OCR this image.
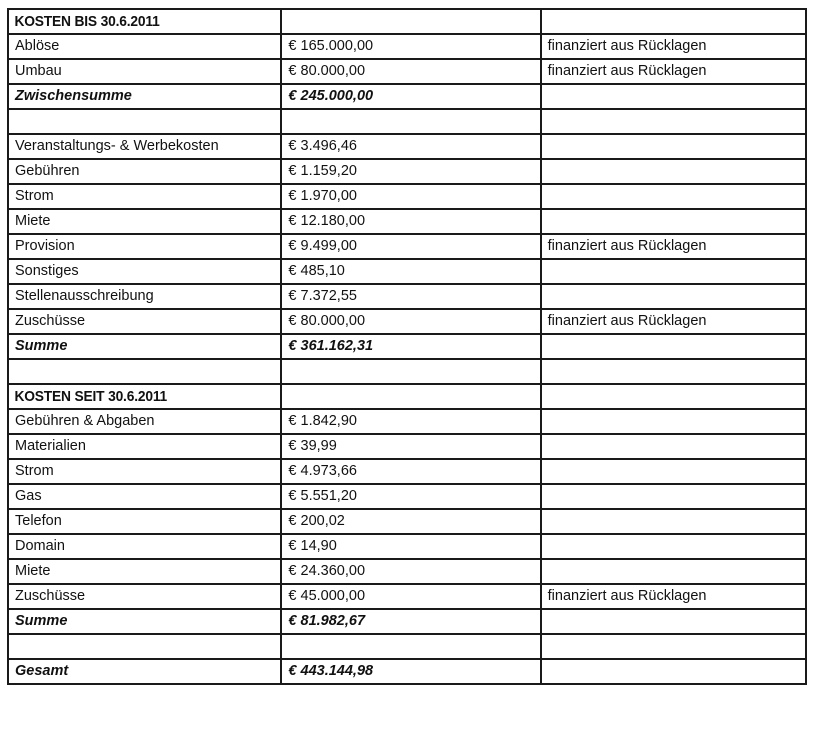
KOSTEN BIS 30.6.2011		
Ablöse	€ 165.000,00	finanziert aus Rücklagen
Umbau	€ 80.000,00	finanziert aus Rücklagen
Zwischensumme	€ 245.000,00	

Veranstaltungs- & Werbekosten	€ 3.496,46	
Gebühren	€ 1.159,20	
Strom	€ 1.970,00	
Miete	€ 12.180,00	
Provision	€ 9.499,00	finanziert aus Rücklagen
Sonstiges	€ 485,10	
Stellenausschreibung	€ 7.372,55	
Zuschüsse	€ 80.000,00	finanziert aus Rücklagen
Summe	€ 361.162,31	

KOSTEN SEIT 30.6.2011		
Gebühren & Abgaben	€ 1.842,90	
Materialien	€ 39,99	
Strom	€ 4.973,66	
Gas	€ 5.551,20	
Telefon	€ 200,02	
Domain	€ 14,90	
Miete	€ 24.360,00	
Zuschüsse	€ 45.000,00	finanziert aus Rücklagen
Summe	€ 81.982,67	

Gesamt	€ 443.144,98	
